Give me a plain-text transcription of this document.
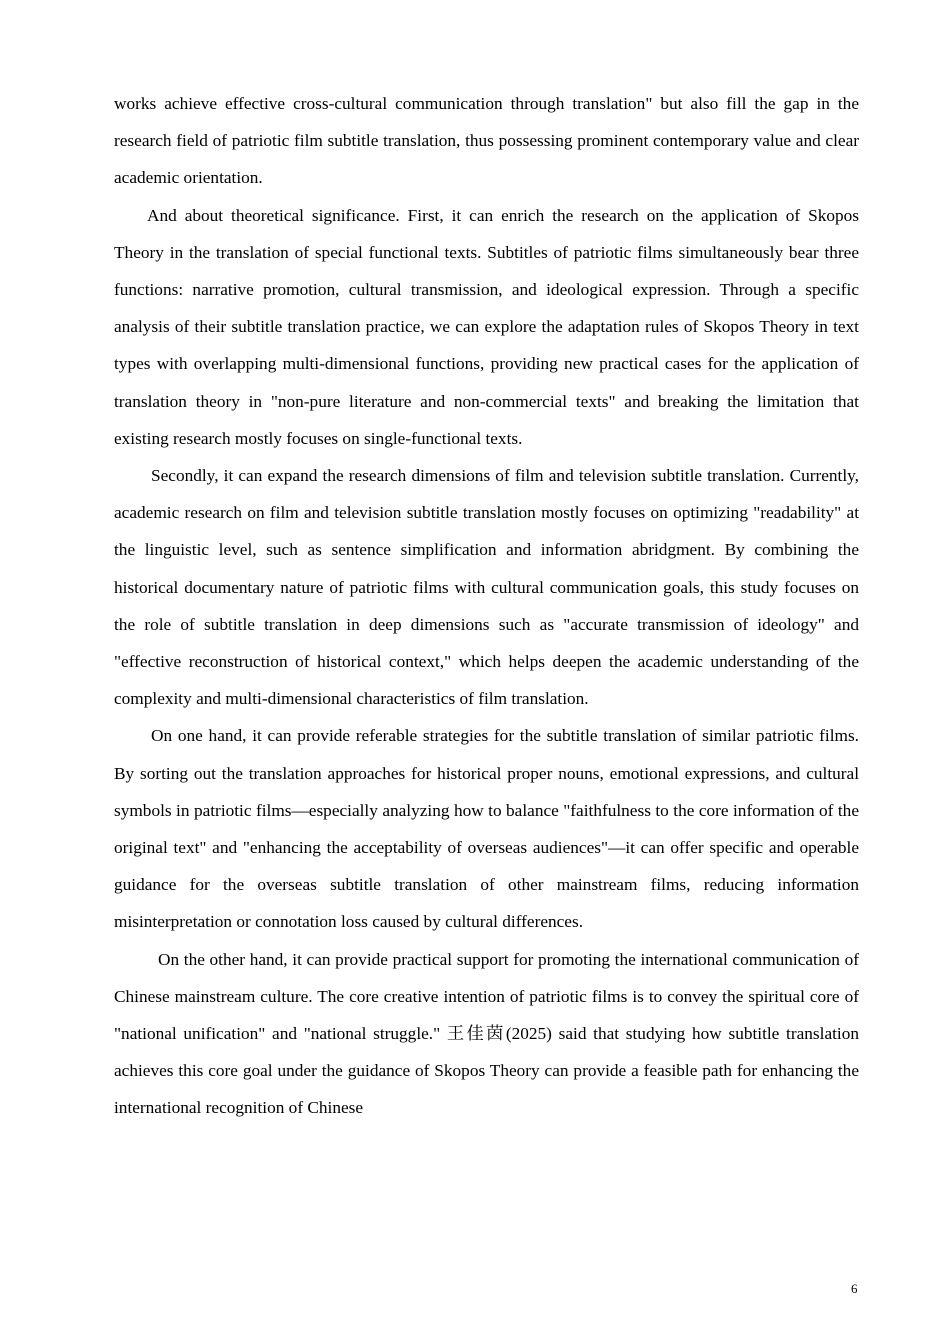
works achieve effective cross-cultural communication through translation" but also fill the gap in the research field of patriotic film subtitle translation, thus possessing prominent contemporary value and clear academic orientation.

And about theoretical significance. First, it can enrich the research on the application of Skopos Theory in the translation of special functional texts. Subtitles of patriotic films simultaneously bear three functions: narrative promotion, cultural transmission, and ideological expression. Through a specific analysis of their subtitle translation practice, we can explore the adaptation rules of Skopos Theory in text types with overlapping multi-dimensional functions, providing new practical cases for the application of translation theory in "non-pure literature and non-commercial texts" and breaking the limitation that existing research mostly focuses on single-functional texts.

Secondly, it can expand the research dimensions of film and television subtitle translation. Currently, academic research on film and television subtitle translation mostly focuses on optimizing "readability" at the linguistic level, such as sentence simplification and information abridgment. By combining the historical documentary nature of patriotic films with cultural communication goals, this study focuses on the role of subtitle translation in deep dimensions such as "accurate transmission of ideology" and "effective reconstruction of historical context," which helps deepen the academic understanding of the complexity and multi-dimensional characteristics of film translation.

On one hand, it can provide referable strategies for the subtitle translation of similar patriotic films. By sorting out the translation approaches for historical proper nouns, emotional expressions, and cultural symbols in patriotic films—especially analyzing how to balance "faithfulness to the core information of the original text" and "enhancing the acceptability of overseas audiences"—it can offer specific and operable guidance for the overseas subtitle translation of other mainstream films, reducing information misinterpretation or connotation loss caused by cultural differences.

On the other hand, it can provide practical support for promoting the international communication of Chinese mainstream culture. The core creative intention of patriotic films is to convey the spiritual core of "national unification" and "national struggle." 王佳茵(2025) said that studying how subtitle translation achieves this core goal under the guidance of Skopos Theory can provide a feasible path for enhancing the international recognition of Chinese

6
